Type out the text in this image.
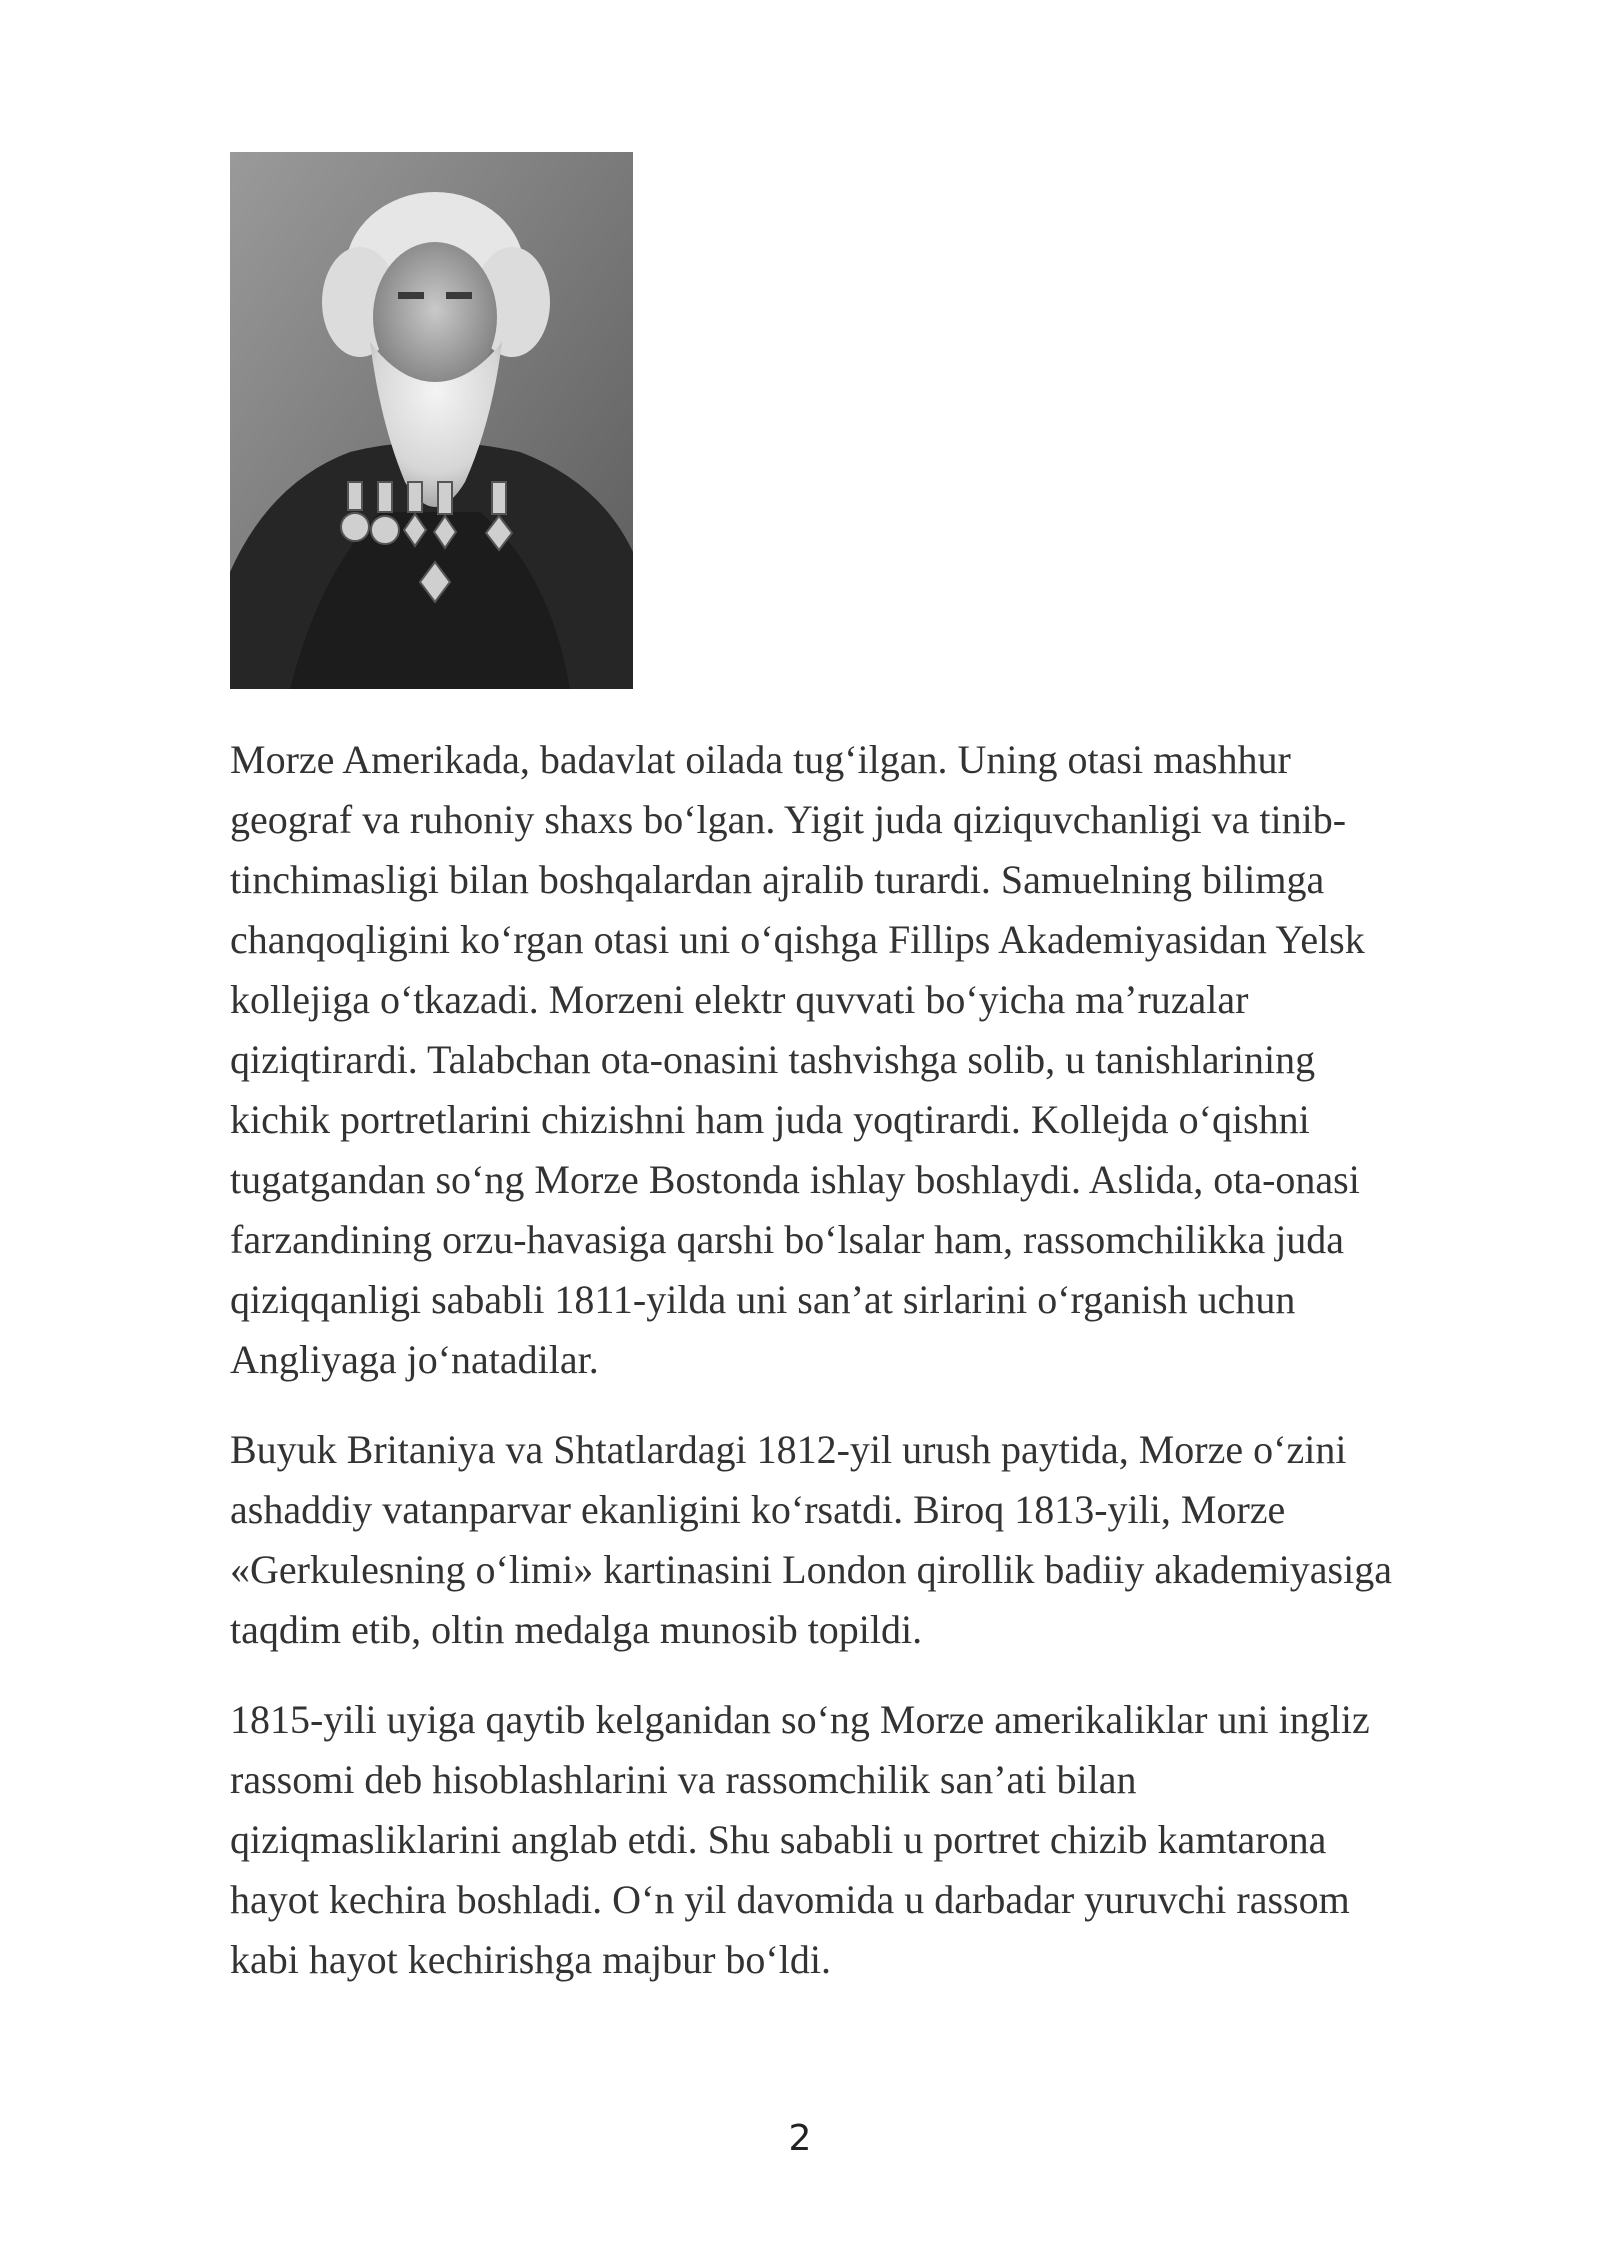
Morze Amerikada, badavlat oilada tug‘ilgan. Uning otasi mashhur
geograf va ruhoniy shaxs bo‘lgan. Yigit juda qiziquvchanligi va tinib-
tinchimasligi bilan boshqalardan ajralib turardi. Samuelning bilimga
chanqoqligini ko‘rgan otasi uni o‘qishga Fillips Akademiyasidan Yelsk
kollejiga o‘tkazadi. Morzeni elektr quvvati bo‘yicha ma’ruzalar
qiziqtirardi. Talabchan ota-onasini tashvishga solib, u tanishlarining
kichik portretlarini chizishni ham juda yoqtirardi. Kollejda o‘qishni
tugatgandan so‘ng Morze Bostonda ishlay boshlaydi. Aslida, ota-onasi
farzandining orzu-havasiga qarshi bo‘lsalar ham, rassomchilikka juda
qiziqqanligi sababli 1811-yilda uni san’at sirlarini o‘rganish uchun
Angliyaga jo‘natadilar.

Buyuk Britaniya va Shtatlardagi 1812-yil urush paytida, Morze o‘zini
ashaddiy vatanparvar ekanligini ko‘rsatdi. Biroq 1813-yili, Morze
«Gerkulesning o‘limi» kartinasini London qirollik badiiy akademiyasiga
taqdim etib, oltin medalga munosib topildi.

1815-yili uyiga qaytib kelganidan so‘ng Morze amerikaliklar uni ingliz
rassomi deb hisoblashlarini va rassomchilik san’ati bilan
qiziqmasliklarini anglab etdi. Shu sababli u portret chizib kamtarona
hayot kechira boshladi. O‘n yil davomida u darbadar yuruvchi rassom
kabi hayot kechirishga majbur bo‘ldi.

2
